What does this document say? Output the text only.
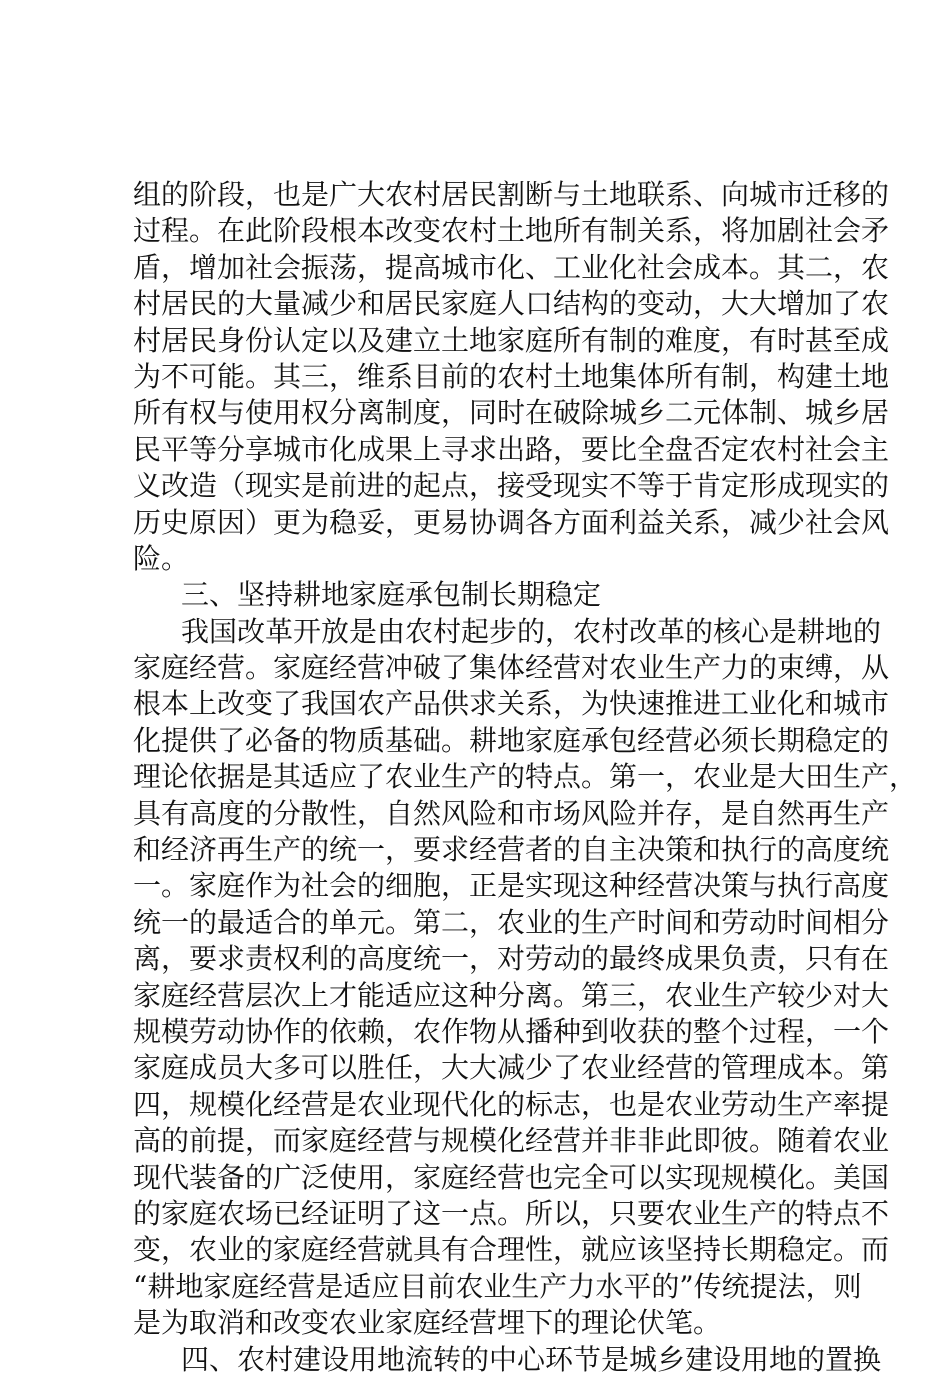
组的阶段，也是广大农村居民割断与土地联系、向城市迁移的
过程。在此阶段根本改变农村土地所有制关系，将加剧社会矛
盾，增加社会振荡，提高城市化、工业化社会成本。其二，农
村居民的大量减少和居民家庭人口结构的变动，大大增加了农
村居民身份认定以及建立土地家庭所有制的难度，有时甚至成
为不可能。其三，维系目前的农村土地集体所有制，构建土地
所有权与使用权分离制度，同时在破除城乡二元体制、城乡居
民平等分享城市化成果上寻求出路，要比全盘否定农村社会主
义改造（现实是前进的起点，接受现实不等于肯定形成现实的
历史原因）更为稳妥，更易协调各方面利益关系，减少社会风
险。
三、坚持耕地家庭承包制长期稳定
我国改革开放是由农村起步的，农村改革的核心是耕地的
家庭经营。家庭经营冲破了集体经营对农业生产力的束缚，从
根本上改变了我国农产品供求关系，为快速推进工业化和城市
化提供了必备的物质基础。耕地家庭承包经营必须长期稳定的
理论依据是其适应了农业生产的特点。第一，农业是大田生产，
具有高度的分散性，自然风险和市场风险并存，是自然再生产
和经济再生产的统一，要求经营者的自主决策和执行的高度统
一。家庭作为社会的细胞，正是实现这种经营决策与执行高度
统一的最适合的单元。第二，农业的生产时间和劳动时间相分
离，要求责权利的高度统一，对劳动的最终成果负责，只有在
家庭经营层次上才能适应这种分离。第三，农业生产较少对大
规模劳动协作的依赖，农作物从播种到收获的整个过程，一个
家庭成员大多可以胜任，大大减少了农业经营的管理成本。第
四，规模化经营是农业现代化的标志，也是农业劳动生产率提
高的前提，而家庭经营与规模化经营并非非此即彼。随着农业
现代装备的广泛使用，家庭经营也完全可以实现规模化。美国
的家庭农场已经证明了这一点。所以，只要农业生产的特点不
变，农业的家庭经营就具有合理性，就应该坚持长期稳定。而
“耕地家庭经营是适应目前农业生产力水平的”传统提法，则
是为取消和改变农业家庭经营埋下的理论伏笔。
四、农村建设用地流转的中心环节是城乡建设用地的置换
